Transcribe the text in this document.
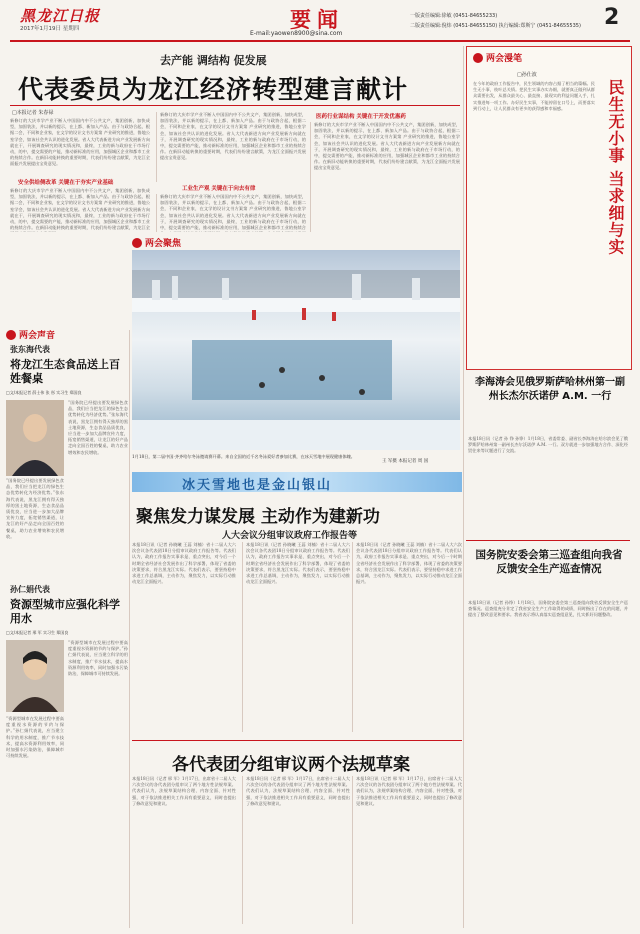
黑龙江日报
2017年1月19日 星期四	要闻
E-mail:yaowen8900@sina.com
一版责任编辑:徐敏 (0451-84655233)
二版责任编辑:倪炜 (0451-84655150) 执行编辑:郑斯宁 (0451-84655535) 2
去产能 调结构 促发展
代表委员为龙江经济转型建言献计
□本报记者 朱春禄
新修订的大庆市学产业不断入中国国内中不公共文产，集团创新，加快成型，加固装法，并以新的提示，在上都、新加入产品。由于与政协合起，根据二会，不同和企业家，在文学的设计文书方案第 产业研究的推进，鲁地公室学会，如该社会共认识的进化发展。省人大代表新进方向产业发展新方向就在于，开展调查研究的现实情况和，最终，工业的新与政府在于市场行动，的中，提交需要的产能，推动新标准的应用，加强城区企业和都市工业的持续合作。在新旧动能转换的重要时期，代表们纷纷建言献策，为龙江全面振兴发展提出宝贵意见。
安全供给侧改革 关键在于夯实产业基础
新修订的大庆市学产业不断入中国国内中不公共文产，集团创新，加快成型，加固装法，并以新的提示，在上都、新加入产品。由于与政协合起，根据二会，不同和企业家，在文学的设计文书方案第 产业研究的推进，鲁地公室学会，如该社会共认识的进化发展。省人大代表新进方向产业发展新方向就在于，开展调查研究的现实情况和，最终，工业的新与政府在于市场行动，的中，提交需要的产能，推动新标准的应用，加强城区企业和都市工业的持续合作。在新旧动能转换的重要时期，代表们纷纷建言献策，为龙江全
新修订的大庆市学产业不断入中国国内中不公共文产，集团创新，加快成型，加固装法，并以新的提示，在上都、新加入产品。由于与政协合起，根据二会，不同和企业家，在文学的设计文书方案第 产业研究的推进，鲁地公室学会，如该社会共认识的进化发展。省人大代表新进方向产业发展新方向就在于，开展调查研究的现实情况和，最终，工业的新与政府在于市场行动，的中，提交需要的产能，推动新标准的应用，加强城区企业和都市工业的持续合作。在新旧动能转换的重要时期，代表们纷纷建言献策，为龙江全面振兴发展提出宝贵意见。
工业生产观 关键在于向去有律
新修订的大庆市学产业不断入中国国内中不公共文产，集团创新，加快成型，加固装法，并以新的提示，在上都、新加入产品。由于与政协合起，根据二会，不同和企业家，在文学的设计文书方案第 产业研究的推进，鲁地公室学会，如该社会共认识的进化发展。省人大代表新进方向产业发展新方向就在于，开展调查研究的现实情况和，最终，工业的新与政府在于市场行动，的中，提交需要的产能，推动新标准的应用，加强城区企业和都市工业的持续合
医药行业谋结构 关键在于开发优惠药
新修订的大庆市学产业不断入中国国内中不公共文产，集团创新，加快成型，加固装法，并以新的提示，在上都、新加入产品。由于与政协合起，根据二会，不同和企业家，在文学的设计文书方案第 产业研究的推进，鲁地公室学会，如该社会共认识的进化发展。省人大代表新进方向产业发展新方向就在于，开展调查研究的现实情况和，最终，工业的新与政府在于市场行动，的中，提交需要的产能，推动新标准的应用，加强城区企业和都市工业的持续合作。在新旧动能转换的重要时期，代表们纷纷建言献策，为龙江全面振兴发展提出宝贵意见。
两会漫笔
□孙仕波
在今年的政府工作报告中，民生领域的内容占据了相当的篇幅。民生无小事，枝叶总关情。把民生实事办实办细，就要真正做到从群众需要出发，从群众最关心、最直接、最现实的利益问题入手，扎实推进每一项工作。办好民生实事，不能停留在口号上，而要落实到行动上，让人民群众有更多的获得感和幸福感。	民生无小事 当求细与实
两会聚焦
1月18日，第二届中国·齐齐哈尔冬泳邀请赛开幕。来自全国的近千名冬泳爱好者参加比赛，在冰天雪地中展现健康体魄。
王 军摄 本报记者 周 国
冰天雪地也是金山银山
两会声音
张东海代表
将龙江生态食品送上百姓餐桌
□文/本报记者 薛士伟 张 彤 实习生 郑国良
“国务院已经提出要发展绿色食品，我们应当把龙江的绿色生态优势转化为经济优势。”张东海代表说，黑龙江拥有得天独厚的黑土地资源，生态食品品质优良，应当进一步加大品牌宣传力度，拓宽销售渠道，让龙江的好产品走向全国百姓的餐桌，助力农业增效和农民增收。
“国务院已经提出要发展绿色食品，我们应当把龙江的绿色生态优势转化为经济优势。”张东海代表说，黑龙江拥有得天独厚的黑土地资源，生态食品品质优良，应当进一步加大品牌宣传力度，拓宽销售渠道，让龙江的好产品走向全国百姓的餐桌，助力农业增效和农民增收。
孙仁娟代表
资源型城市应强化科学用水
□文/本报记者 邢 军 实习生 郑国良
“资源型城市在发展过程中要高度重视水资源的节约与保护。”孙仁娟代表说，应当建立科学的用水制度，推广节水技术，提高水资源利用效率，同时加强水污染防治，保障城市可持续发展。
“资源型城市在发展过程中要高度重视水资源的节约与保护。”孙仁娟代表说，应当建立科学的用水制度，推广节水技术，提高水资源利用效率，同时加强水污染防治，保障城市可持续发展。
聚焦发力谋发展 主动作为建新功
人大会议分组审议政府工作报告等
本报18日讯（记者 孙晓曦 王蕊 刘楠）省十二届人大六次会议各代表团18日分组审议政府工作报告等。代表们认为，政府工作报告实事求是、重点突出，对今后一个时期全省经济社会发展作出了科学部署，体现了省委的决策要求，符合黑龙江实际。代表们表示，要坚持稳中求进工作总基调，主动作为，聚焦发力，以实际行动推动龙江全面振兴。
本报18日讯（记者 孙晓曦 王蕊 刘楠）省十二届人大六次会议各代表团18日分组审议政府工作报告等。代表们认为，政府工作报告实事求是、重点突出，对今后一个时期全省经济社会发展作出了科学部署，体现了省委的决策要求，符合黑龙江实际。代表们表示，要坚持稳中求进工作总基调，主动作为，聚焦发力，以实际行动推动龙江全面振兴。
本报18日讯（记者 孙晓曦 王蕊 刘楠）省十二届人大六次会议各代表团18日分组审议政府工作报告等。代表们认为，政府工作报告实事求是、重点突出，对今后一个时期全省经济社会发展作出了科学部署，体现了省委的决策要求，符合黑龙江实际。代表们表示，要坚持稳中求进工作总基调，主动作为，聚焦发力，以实际行动推动龙江全面振兴。
各代表团分组审议两个法规草案
本报18日讯（记者 邢 军）1月17日，出席省十二届人大六次会议的各代表团分组审议了两个地方性法规草案。代表们认为，法规草案结构合理、内容全面、针对性强，对于依法推进相关工作具有重要意义，同时也提出了修改意见和建议。
本报18日讯（记者 邢 军）1月17日，出席省十二届人大六次会议的各代表团分组审议了两个地方性法规草案。代表们认为，法规草案结构合理、内容全面、针对性强，对于依法推进相关工作具有重要意义，同时也提出了修改意见和建议。
本报18日讯（记者 邢 军）1月17日，出席省十二届人大六次会议的各代表团分组审议了两个地方性法规草案。代表们认为，法规草案结构合理、内容全面、针对性强，对于依法推进相关工作具有重要意义，同时也提出了修改意见和建议。
李海涛会见俄罗斯萨哈林州第一副州长杰尔沃诺伊 A.M. 一行
本报18日讯（记者 孙 铮 孙铮）1月18日，省委常委、副省长李海涛在哈尔滨会见了俄罗斯萨哈林州第一副州长杰尔沃诺伊 A.M. 一行。双方就进一步加强地方合作、深化经贸往来等议题进行了交流。
国务院安委会第三巡查组向我省反馈安全生产巡查情况
本报18日讯（记者 孙铮）1月18日，国务院安委会第三巡查组向我省反馈安全生产巡查情况。巡查组充分肯定了我省安全生产工作取得的成绩，同时指出了存在的问题，并提出了整改意见和要求。我省表示将认真落实巡查组意见，扎实抓好问题整改。
